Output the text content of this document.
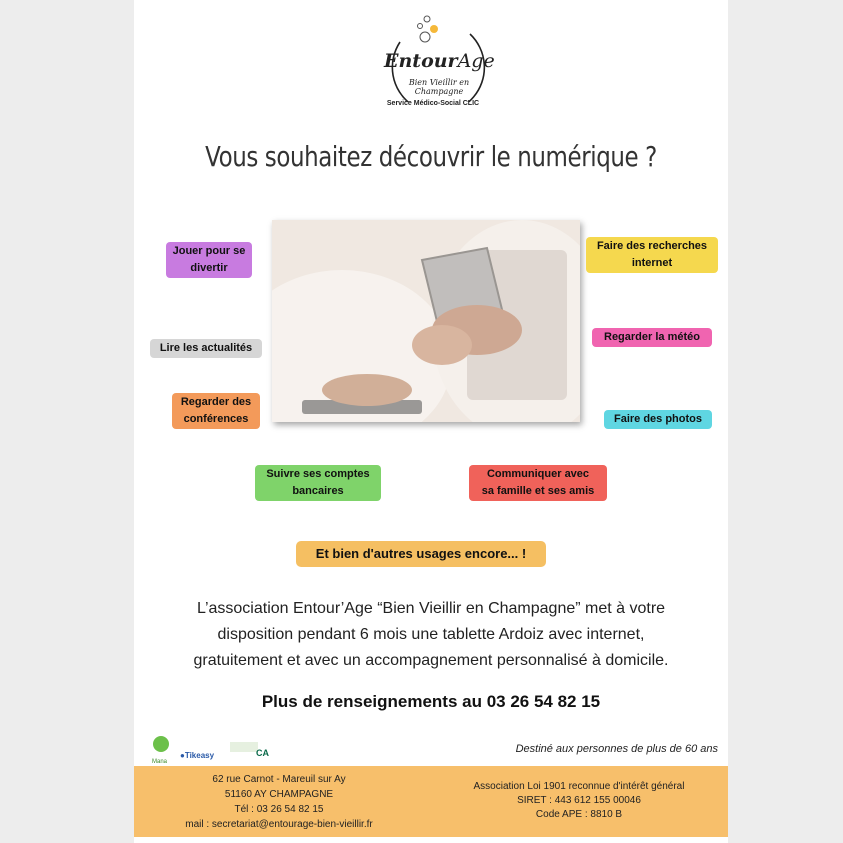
EntourAge
Bien Vieillir en Champagne
Service Médico-Social CLIC
Vous souhaitez découvrir le numérique ?
Jouer pour se
divertir
Lire les actualités
Regarder des
conférences
Suivre ses comptes
bancaires
Communiquer avec
sa famille et ses amis
Faire des recherches
internet
Regarder la météo
Faire des photos
Et bien d'autres usages encore... !
L’association Entour’Age “Bien Vieillir en Champagne” met à votre
disposition pendant 6 mois une tablette Ardoiz avec internet,
gratuitement et avec un accompagnement personnalisé à domicile.
Plus de renseignements au 03 26 54 82 15
Mana
●Tikeasy	CA	Destiné aux personnes de plus de 60 ans
62 rue Carnot - Mareuil sur Ay
51160 AY CHAMPAGNE
Tél : 03 26 54 82 15
mail : secretariat@entourage-bien-vieillir.fr
Association Loi 1901 reconnue d'intérêt général
SIRET : 443 612 155 00046
Code APE : 8810 B
